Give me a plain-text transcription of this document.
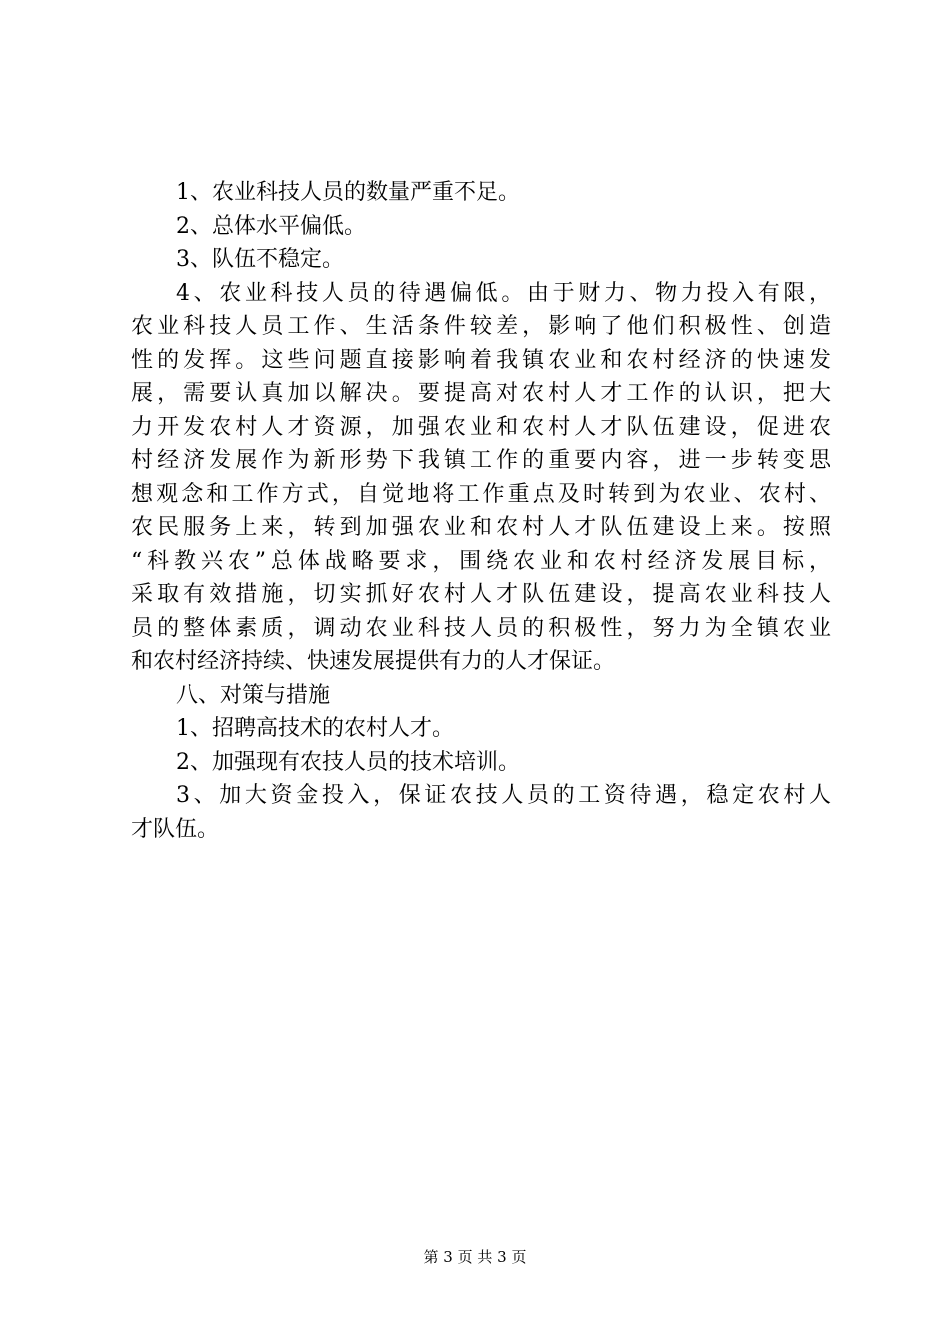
1、农业科技人员的数量严重不足。
2、总体水平偏低。
3、队伍不稳定。
4、农业科技人员的待遇偏低。由于财力、物力投入有限，
农业科技人员工作、生活条件较差，影响了他们积极性、创造
性的发挥。这些问题直接影响着我镇农业和农村经济的快速发
展，需要认真加以解决。要提高对农村人才工作的认识，把大
力开发农村人才资源，加强农业和农村人才队伍建设，促进农
村经济发展作为新形势下我镇工作的重要内容，进一步转变思
想观念和工作方式，自觉地将工作重点及时转到为农业、农村、
农民服务上来，转到加强农业和农村人才队伍建设上来。按照
“科教兴农”总体战略要求，围绕农业和农村经济发展目标，
采取有效措施，切实抓好农村人才队伍建设，提高农业科技人
员的整体素质，调动农业科技人员的积极性，努力为全镇农业
和农村经济持续、快速发展提供有力的人才保证。
八、对策与措施
1、招聘高技术的农村人才。
2、加强现有农技人员的技术培训。
3、加大资金投入，保证农技人员的工资待遇，稳定农村人
才队伍。
第 3 页 共 3 页
